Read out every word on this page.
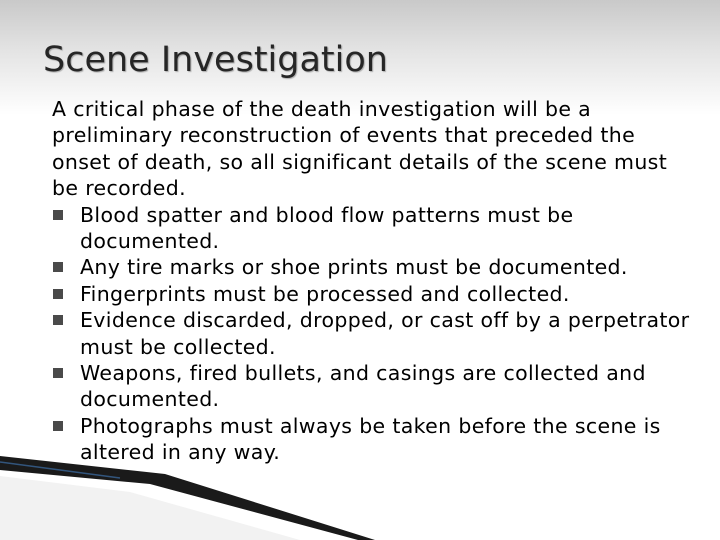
Scene Investigation

A critical phase of the death investigation will be a preliminary reconstruction of events that preceded the onset of death, so all significant details of the scene must be recorded.

Blood spatter and blood flow patterns must be documented.
Any tire marks or shoe prints must be documented.
Fingerprints must be processed and collected.
Evidence discarded, dropped, or cast off by a perpetrator must be collected.
Weapons, fired bullets, and casings are collected and documented.
Photographs must always be taken before the scene is altered in any way.
